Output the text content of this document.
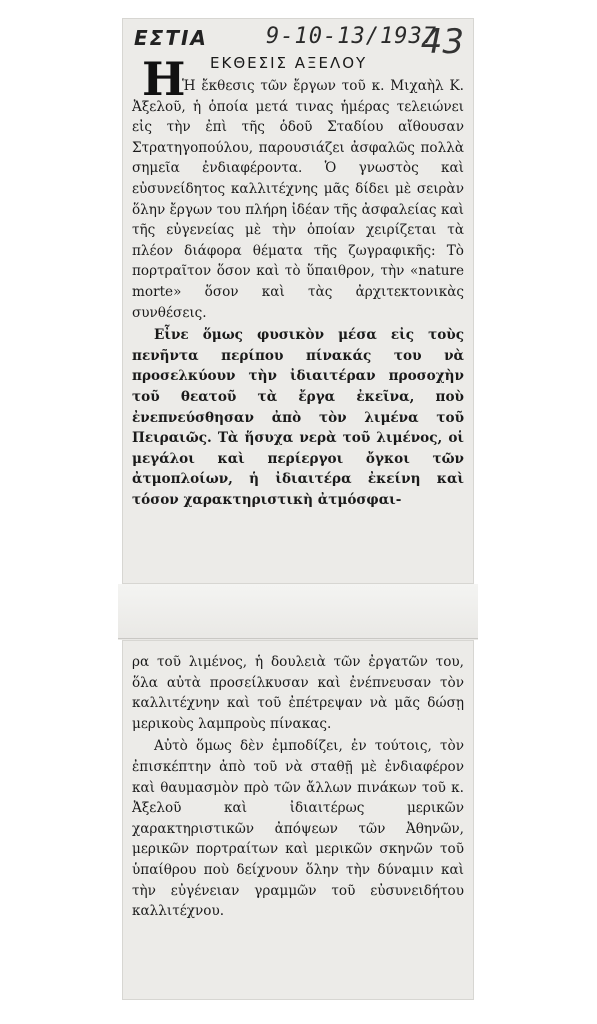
ΕΣΤΙΑ	9-10-13/1937
43
Η ΕΚΘΕΣΙΣ ΑΞΕΛΟΥ

Ἡ ἔκθεσις τῶν ἔργων τοῦ κ. Μιχαὴλ Κ. Ἀξελοῦ, ἡ ὁποία μετά τινας ἡμέρας τελειώνει εἰς τὴν ἐπὶ τῆς ὁδοῦ Σταδίου αἴθουσαν Στρατηγοπούλου, παρουσιάζει ἀσφαλῶς πολλὰ σημεῖα ἐνδιαφέροντα. Ὁ γνωστὸς καὶ εὐσυνείδητος καλλιτέχνης μᾶς δίδει μὲ σειρὰν ὅλην ἔργων του πλήρη ἰδέαν τῆς ἀσφαλείας καὶ τῆς εὐγενείας μὲ τὴν ὁποίαν χειρίζεται τὰ πλέον διάφορα θέματα τῆς ζωγραφικῆς: Τὸ πορτραῖτον ὅσον καὶ τὸ ὕπαιθρον, τὴν «nature morte» ὅσον καὶ τὰς ἀρχιτεκτονικὰς συνθέσεις.

Εἶνε ὅμως φυσικὸν μέσα εἰς τοὺς πενῆντα περίπου πίνακάς του νὰ προσελκύουν τὴν ἰδιαιτέραν προσοχὴν τοῦ θεατοῦ τὰ ἔργα ἐκεῖνα, ποὺ ἐνεπνεύσθησαν ἀπὸ τὸν λιμένα τοῦ Πειραιῶς. Τὰ ἥσυχα νερὰ τοῦ λιμένος, οἱ μεγάλοι καὶ περίεργοι ὄγκοι τῶν ἀτμοπλοίων, ἡ ἰδιαιτέρα ἐκείνη καὶ τόσον χαρακτηριστικὴ ἀτμόσφαι-

ρα τοῦ λιμένος, ἡ δουλειὰ τῶν ἐργατῶν του, ὅλα αὐτὰ προσείλκυσαν καὶ ἐνέπνευσαν τὸν καλλιτέχνην καὶ τοῦ ἐπέτρεψαν νὰ μᾶς δώσῃ μερικοὺς λαμπροὺς πίνακας.

Αὐτὸ ὅμως δὲν ἐμποδίζει, ἐν τούτοις, τὸν ἐπισκέπτην ἀπὸ τοῦ νὰ σταθῇ μὲ ἐνδιαφέρον καὶ θαυμασμὸν πρὸ τῶν ἄλλων πινάκων τοῦ κ. Ἀξελοῦ καὶ ἰδιαιτέρως μερικῶν χαρακτηριστικῶν ἀπόψεων τῶν Ἀθηνῶν, μερικῶν πορτραίτων καὶ μερικῶν σκηνῶν τοῦ ὑπαίθρου ποὺ δείχνουν ὅλην τὴν δύναμιν καὶ τὴν εὐγένειαν γραμμῶν τοῦ εὐσυνειδήτου καλλιτέχνου.
